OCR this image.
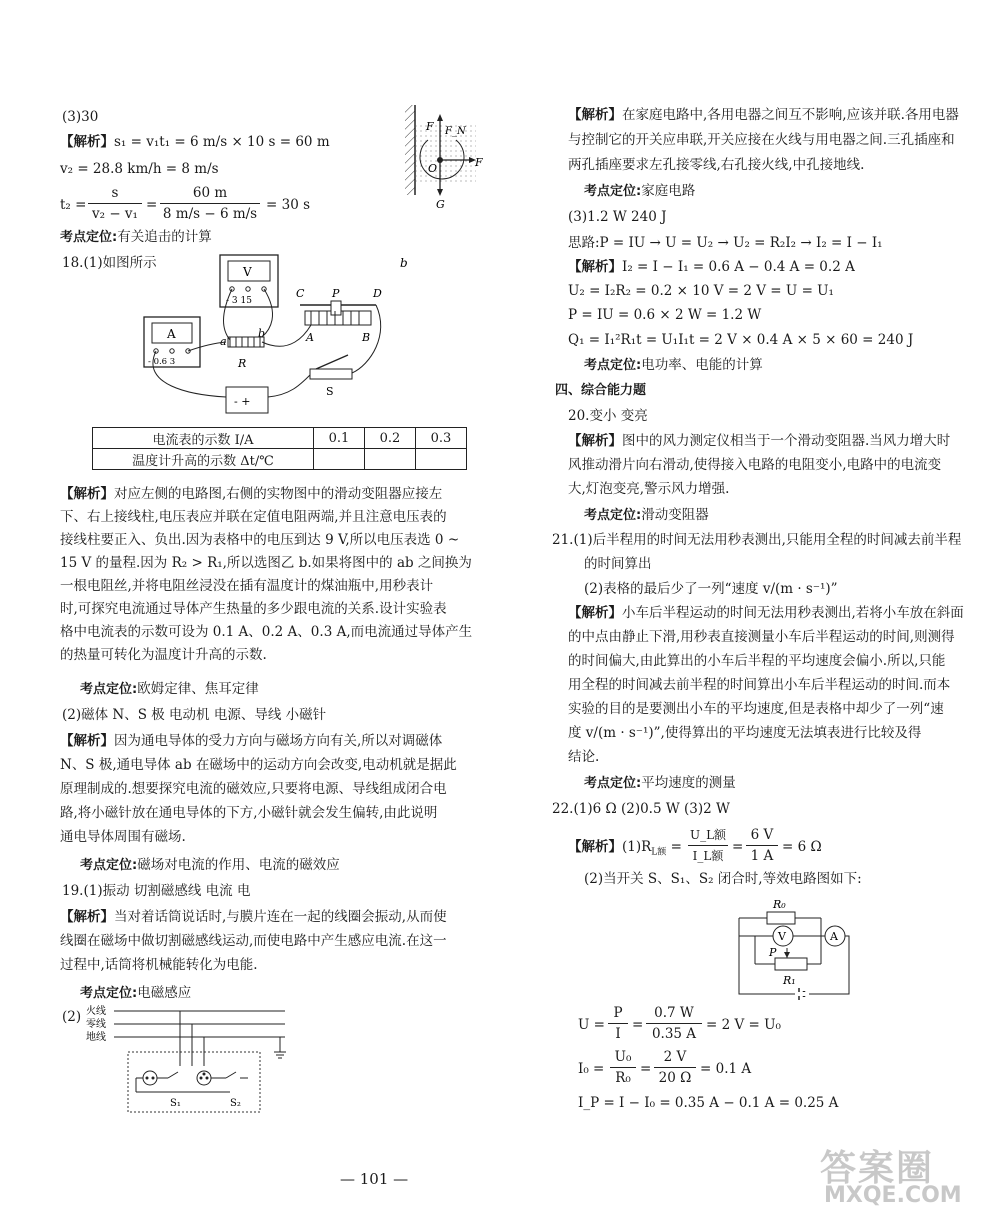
(3)30
【解析】s₁ = v₁t₁ = 6 m/s × 10 s = 60 m
v₂ = 28.8 km/h = 8 m/s
t₂ =
s
v₂ − v₁
=
60 m
8 m/s − 6 m/s
= 30 s
考点定位:有关追击的计算
F F_N
F
O
G
18.(1)如图所示	b
V
- 3 15
A
- 0.6 3
a
b
R
C	P	D
A	B
S
- +
电流表的示数 I/A	0.1	0.2	0.3
温度计升高的示数 Δt/℃			
【解析】对应左侧的电路图,右侧的实物图中的滑动变阻器应接左
下、右上接线柱,电压表应并联在定值电阻两端,并且注意电压表的
接线柱要正入、负出.因为表格中的电压到达 9 V,所以电压表选 0 ~
15 V 的量程.因为 R₂ > R₁,所以选图乙 b.如果将图中的 ab 之间换为
一根电阻丝,并将电阻丝浸没在插有温度计的煤油瓶中,用秒表计
时,可探究电流通过导体产生热量的多少跟电流的关系.设计实验表
格中电流表的示数可设为 0.1 A、0.2 A、0.3 A,而电流通过导体产生
的热量可转化为温度计升高的示数.
考点定位:欧姆定律、焦耳定律
(2)磁体 N、S 极 电动机 电源、导线 小磁针
【解析】因为通电导体的受力方向与磁场方向有关,所以对调磁体
N、S 极,通电导体 ab 在磁场中的运动方向会改变,电动机就是据此
原理制成的.想要探究电流的磁效应,只要将电源、导线组成闭合电
路,将小磁针放在通电导体的下方,小磁针就会发生偏转,由此说明
通电导体周围有磁场.
考点定位:磁场对电流的作用、电流的磁效应
19.(1)振动 切割磁感线 电流 电
【解析】当对着话筒说话时,与膜片连在一起的线圈会振动,从而使
线圈在磁场中做切割磁感线运动,而使电路中产生感应电流.在这一
过程中,话筒将机械能转化为电能.
考点定位:电磁感应
(2) 火线
零线
地线
S₁	S₂
【解析】在家庭电路中,各用电器之间互不影响,应该并联.各用电器
与控制它的开关应串联,开关应接在火线与用电器之间.三孔插座和
两孔插座要求左孔接零线,右孔接火线,中孔接地线.
考点定位:家庭电路
(3)1.2 W 240 J
思路:P = IU → U = U₂ → U₂ = R₂I₂ → I₂ = I − I₁
【解析】I₂ = I − I₁ = 0.6 A − 0.4 A = 0.2 A
U₂ = I₂R₂ = 0.2 × 10 V = 2 V = U = U₁
P = IU = 0.6 × 2 W = 1.2 W
Q₁ = I₁²R₁t = U₁I₁t = 2 V × 0.4 A × 5 × 60 = 240 J
考点定位:电功率、电能的计算
四、综合能力题
20.变小 变亮
【解析】图中的风力测定仪相当于一个滑动变阻器.当风力增大时
风推动滑片向右滑动,使得接入电路的电阻变小,电路中的电流变
大,灯泡变亮,警示风力增强.
考点定位:滑动变阻器
21.(1)后半程用的时间无法用秒表测出,只能用全程的时间减去前半程
的时间算出
(2)表格的最后少了一列“速度 v/(m · s⁻¹)”
【解析】小车后半程运动的时间无法用秒表测出,若将小车放在斜面
的中点由静止下滑,用秒表直接测量小车后半程运动的时间,则测得
的时间偏大,由此算出的小车后半程的平均速度会偏小.所以,只能
用全程的时间减去前半程的时间算出小车后半程运动的时间.而本
实验的目的是要测出小车的平均速度,但是表格中却少了一列“速
度 v/(m · s⁻¹)”,使得算出的平均速度无法填表进行比较及得
结论.
考点定位:平均速度的测量
22.(1)6 Ω (2)0.5 W (3)2 W
【解析】$(1)R_{L额}$ =
U_L额
I_L额
=
6 V
1 A
= 6 Ω
(2)当开关 S、S₁、S₂ 闭合时,等效电路图如下:
R₀
V	A
P
R₁
U =
P
I
=
0.7 W
0.35 A
= 2 V = U₀
I₀ =
U₀
R₀
=
2 V
20 Ω
= 0.1 A
I_P = I − I₀ = 0.35 A − 0.1 A = 0.25 A
— 101 —	答案圈
MXQE.COM
